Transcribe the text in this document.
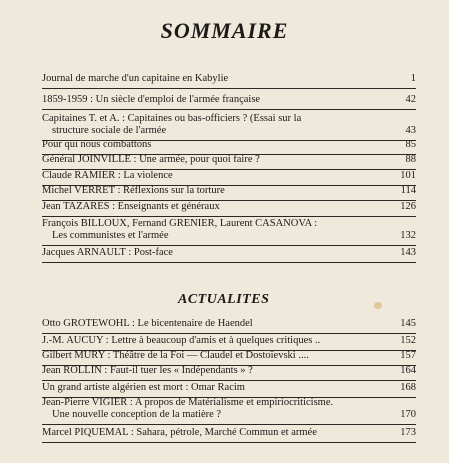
SOMMAIRE
Journal de marche d'un capitaine en Kabylie	1
1859-1959 : Un siècle d'emploi de l'armée française	42
Capitaines T. et A. : Capitaines ou bas-officiers ? (Essai sur la
structure sociale de l'armée	43
Pour qui nous combattons	85
Général JOINVILLE : Une armée, pour quoi faire ?	88
Claude RAMIER : La violence	101
Michel VERRET : Réflexions sur la torture	114
Jean TAZARES : Enseignants et généraux	126
François BILLOUX, Fernand GRENIER, Laurent CASANOVA :
Les communistes et l'armée	132
Jacques ARNAULT : Post-face	143
ACTUALITES
Otto GROTEWOHL : Le bicentenaire de Haendel	145
J.-M. AUCUY : Lettre à beaucoup d'amis et à quelques critiques ..	152
Gilbert MURY : Théâtre de la Foi — Claudel et Dostoïevski ....	157
Jean ROLLIN : Faut-il tuer les « Indépendants » ?	164
Un grand artiste algérien est mort : Omar Racim	168
Jean-Pierre VIGIER : A propos de Matérialisme et empiriocriticisme.
Une nouvelle conception de la matière ?	170
Marcel PIQUEMAL : Sahara, pétrole, Marché Commun et armée	173
